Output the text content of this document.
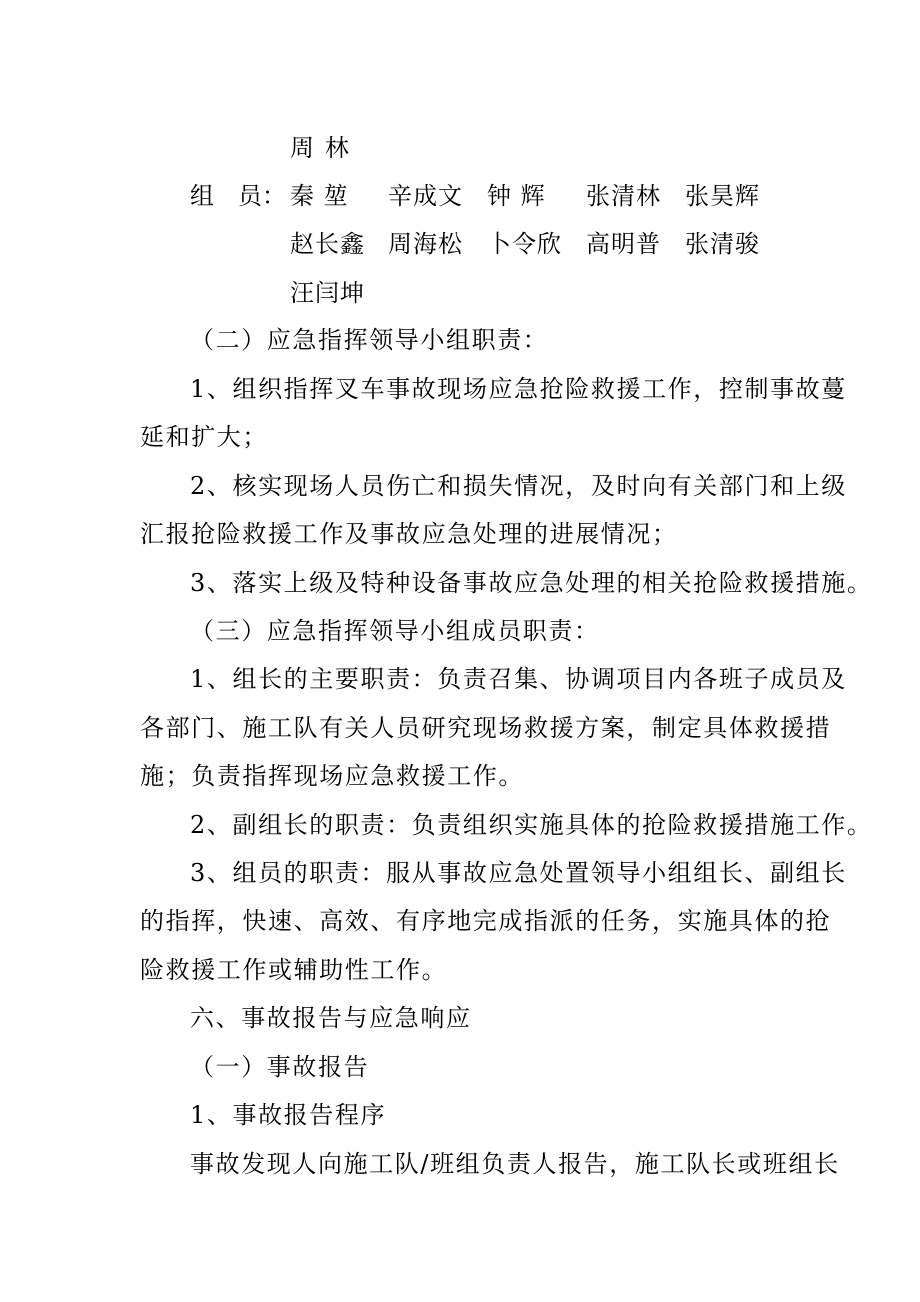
周 林
组　员： 秦 堃 辛成文 钟 辉 张清林 张昊辉
赵长鑫 周海松 卜令欣 高明普 张清骏
汪闫坤
（二）应急指挥领导小组职责：
1、组织指挥叉车事故现场应急抢险救援工作，控制事故蔓
延和扩大；
2、核实现场人员伤亡和损失情况，及时向有关部门和上级
汇报抢险救援工作及事故应急处理的进展情况；
3、落实上级及特种设备事故应急处理的相关抢险救援措施。
（三）应急指挥领导小组成员职责：
1、组长的主要职责：负责召集、协调项目内各班子成员及
各部门、施工队有关人员研究现场救援方案，制定具体救援措
施；负责指挥现场应急救援工作。
2、副组长的职责：负责组织实施具体的抢险救援措施工作。
3、组员的职责：服从事故应急处置领导小组组长、副组长
的指挥，快速、高效、有序地完成指派的任务，实施具体的抢
险救援工作或辅助性工作。
六、事故报告与应急响应
（一）事故报告
1、事故报告程序
事故发现人向施工队/班组负责人报告，施工队长或班组长
